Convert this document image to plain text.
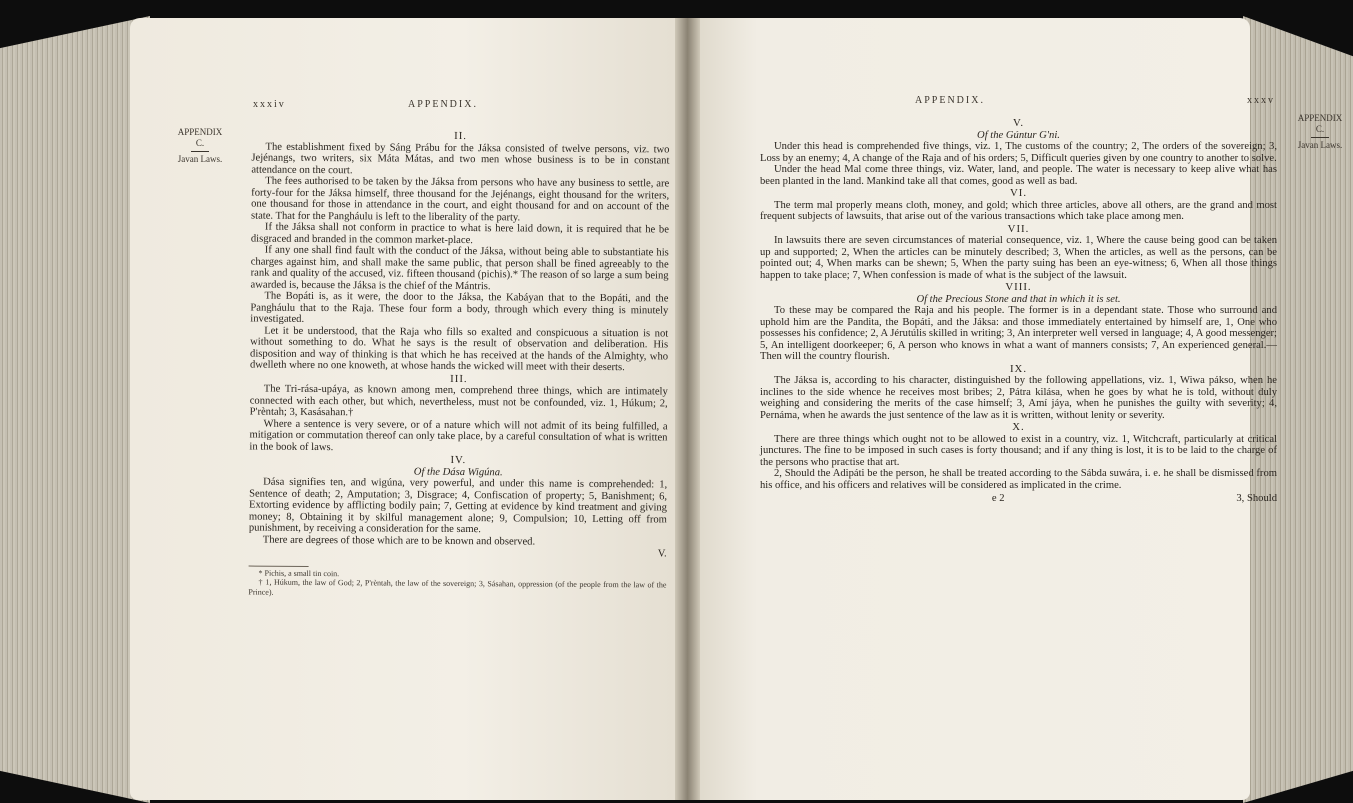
xxxiv	APPENDIX.
APPENDIX
C.
Javan Laws.
II.

The establishment fixed by Sáng Prábu for the Jáksa consisted of twelve persons, viz. two Jejénangs, two writers, six Máta Mátas, and two men whose business is to be in constant attendance on the court.

The fees authorised to be taken by the Jáksa from persons who have any business to settle, are forty-four for the Jáksa himself, three thousand for the Jejénangs, eight thousand for the writers, one thousand for those in attendance in the court, and eight thousand for and on account of the state. That for the Pangháulu is left to the liberality of the party.

If the Jáksa shall not conform in practice to what is here laid down, it is required that he be disgraced and branded in the common market-place.

If any one shall find fault with the conduct of the Jáksa, without being able to substantiate his charges against him, and shall make the same public, that person shall be fined agreeably to the rank and quality of the accused, viz. fifteen thousand (pichis).* The reason of so large a sum being awarded is, because the Jáksa is the chief of the Mántris.

The Bopáti is, as it were, the door to the Jáksa, the Kabáyan that to the Bopáti, and the Pangháulu that to the Raja. These four form a body, through which every thing is minutely investigated.

Let it be understood, that the Raja who fills so exalted and conspicuous a situation is not without something to do. What he says is the result of observation and deliberation. His disposition and way of thinking is that which he has received at the hands of the Almighty, who dwelleth where no one knoweth, at whose hands the wicked will meet with their deserts.

III.

The Tri-rása-upáya, as known among men, comprehend three things, which are intimately connected with each other, but which, nevertheless, must not be confounded, viz. 1, Húkum; 2, P'rèntah; 3, Kasásahan.†

Where a sentence is very severe, or of a nature which will not admit of its being fulfilled, a mitigation or commutation thereof can only take place, by a careful consultation of what is written in the book of laws.

IV.
Of the Dása Wigúna.

Dása signifies ten, and wigúna, very powerful, and under this name is comprehended: 1, Sentence of death; 2, Amputation; 3, Disgrace; 4, Confiscation of property; 5, Banishment; 6, Extorting evidence by afflicting bodily pain; 7, Getting at evidence by kind treatment and giving money; 8, Obtaining it by skilful management alone; 9, Compulsion; 10, Letting off from punishment, by receiving a consideration for the same.

There are degrees of those which are to be known and observed.

V.

* Pichis, a small tin coin.

† 1, Húkum, the law of God; 2, P'rèntah, the law of the sovereign; 3, Sásahan, oppression (of the people from the law of the Prince).

APPENDIX.	xxxv
APPENDIX
C.
Javan Laws.
V.
Of the Gúntur G'ni.

Under this head is comprehended five things, viz. 1, The customs of the country; 2, The orders of the sovereign; 3, Loss by an enemy; 4, A change of the Raja and of his orders; 5, Difficult queries given by one country to another to solve.

Under the head Mal come three things, viz. Water, land, and people. The water is necessary to keep alive what has been planted in the land. Mankind take all that comes, good as well as bad.

VI.

The term mal properly means cloth, money, and gold; which three articles, above all others, are the grand and most frequent subjects of lawsuits, that arise out of the various transactions which take place among men.

VII.

In lawsuits there are seven circumstances of material consequence, viz. 1, Where the cause being good can be taken up and supported; 2, When the articles can be minutely described; 3, When the articles, as well as the persons, can be pointed out; 4, When marks can be shewn; 5, When the party suing has been an eye-witness; 6, When all those things happen to take place; 7, When confession is made of what is the subject of the lawsuit.

VIII.
Of the Precious Stone and that in which it is set.

To these may be compared the Raja and his people. The former is in a dependant state. Those who surround and uphold him are the Pandita, the Bopáti, and the Jáksa: and those immediately entertained by himself are, 1, One who possesses his confidence; 2, A Jérutúlis skilled in writing; 3, An interpreter well versed in language; 4, A good messenger; 5, An intelligent doorkeeper; 6, A person who knows in what a want of manners consists; 7, An experienced general.—Then will the country flourish.

IX.

The Jáksa is, according to his character, distinguished by the following appellations, viz. 1, Wiwa pákso, when he inclines to the side whence he receives most bribes; 2, Pátra kilása, when he goes by what he is told, without duly weighing and considering the merits of the case himself; 3, Amí jáya, when he punishes the guilty with severity; 4, Pernáma, when he awards the just sentence of the law as it is written, without lenity or severity.

X.

There are three things which ought not to be allowed to exist in a country, viz. 1, Witchcraft, particularly at critical junctures. The fine to be imposed in such cases is forty thousand; and if any thing is lost, it is to be laid to the charge of the persons who practise that art.

2, Should the Adipáti be the person, he shall be treated according to the Sábda suwára, i. e. he shall be dismissed from his office, and his officers and relatives will be considered as implicated in the crime.

e 2	3, Should
